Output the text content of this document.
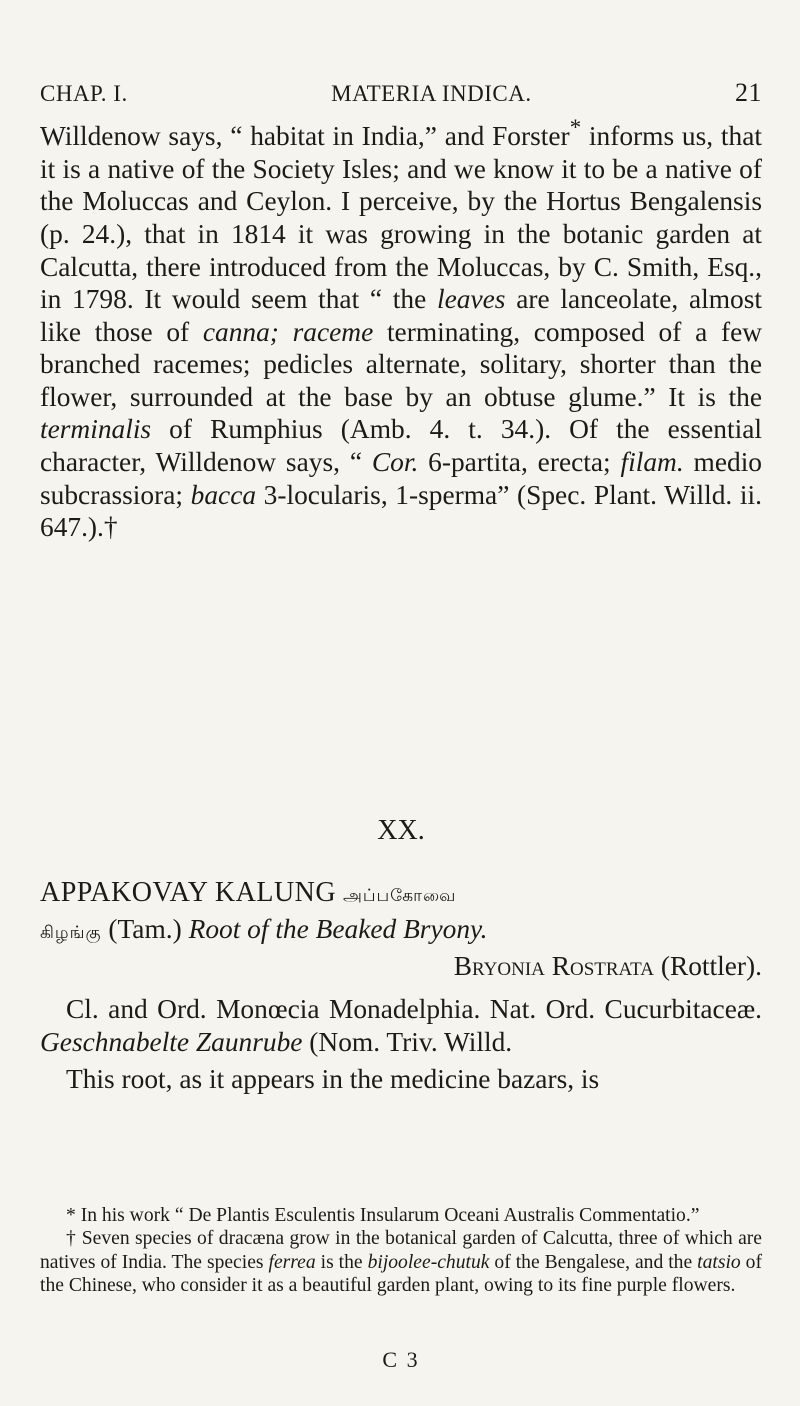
CHAP. I.	MATERIA INDICA.	21

Willdenow says, “ habitat in India,” and Forster* informs us, that it is a native of the Society Isles; and we know it to be a native of the Moluccas and Ceylon. I perceive, by the Hortus Bengalensis (p. 24.), that in 1814 it was growing in the botanic garden at Calcutta, there introduced from the Moluccas, by C. Smith, Esq., in 1798. It would seem that “ the leaves are lanceolate, almost like those of canna; raceme terminating, composed of a few branched racemes; pedicles alternate, solitary, shorter than the flower, surrounded at the base by an obtuse glume.” It is the terminalis of Rumphius (Amb. 4. t. 34.). Of the essential character, Willdenow says, “ Cor. 6-partita, erecta; filam. medio subcrassiora; bacca 3-locularis, 1-sperma” (Spec. Plant. Willd. ii. 647.).†

XX.

APPAKOVAY KALUNG அப்பகோவை

கிழங்கு (Tam.) Root of the Beaked Bryony.

Bryonia Rostrata (Rottler).

Cl. and Ord. Monœcia Monadelphia. Nat. Ord. Cucurbitaceæ. Geschnabelte Zaunrube (Nom. Triv. Willd.

This root, as it appears in the medicine bazars, is

* In his work “ De Plantis Esculentis Insularum Oceani Australis Commentatio.”

† Seven species of dracæna grow in the botanical garden of Calcutta, three of which are natives of India. The species ferrea is the bijoolee-chutuk of the Bengalese, and the tatsio of the Chinese, who consider it as a beautiful garden plant, owing to its fine purple flowers.

C 3
